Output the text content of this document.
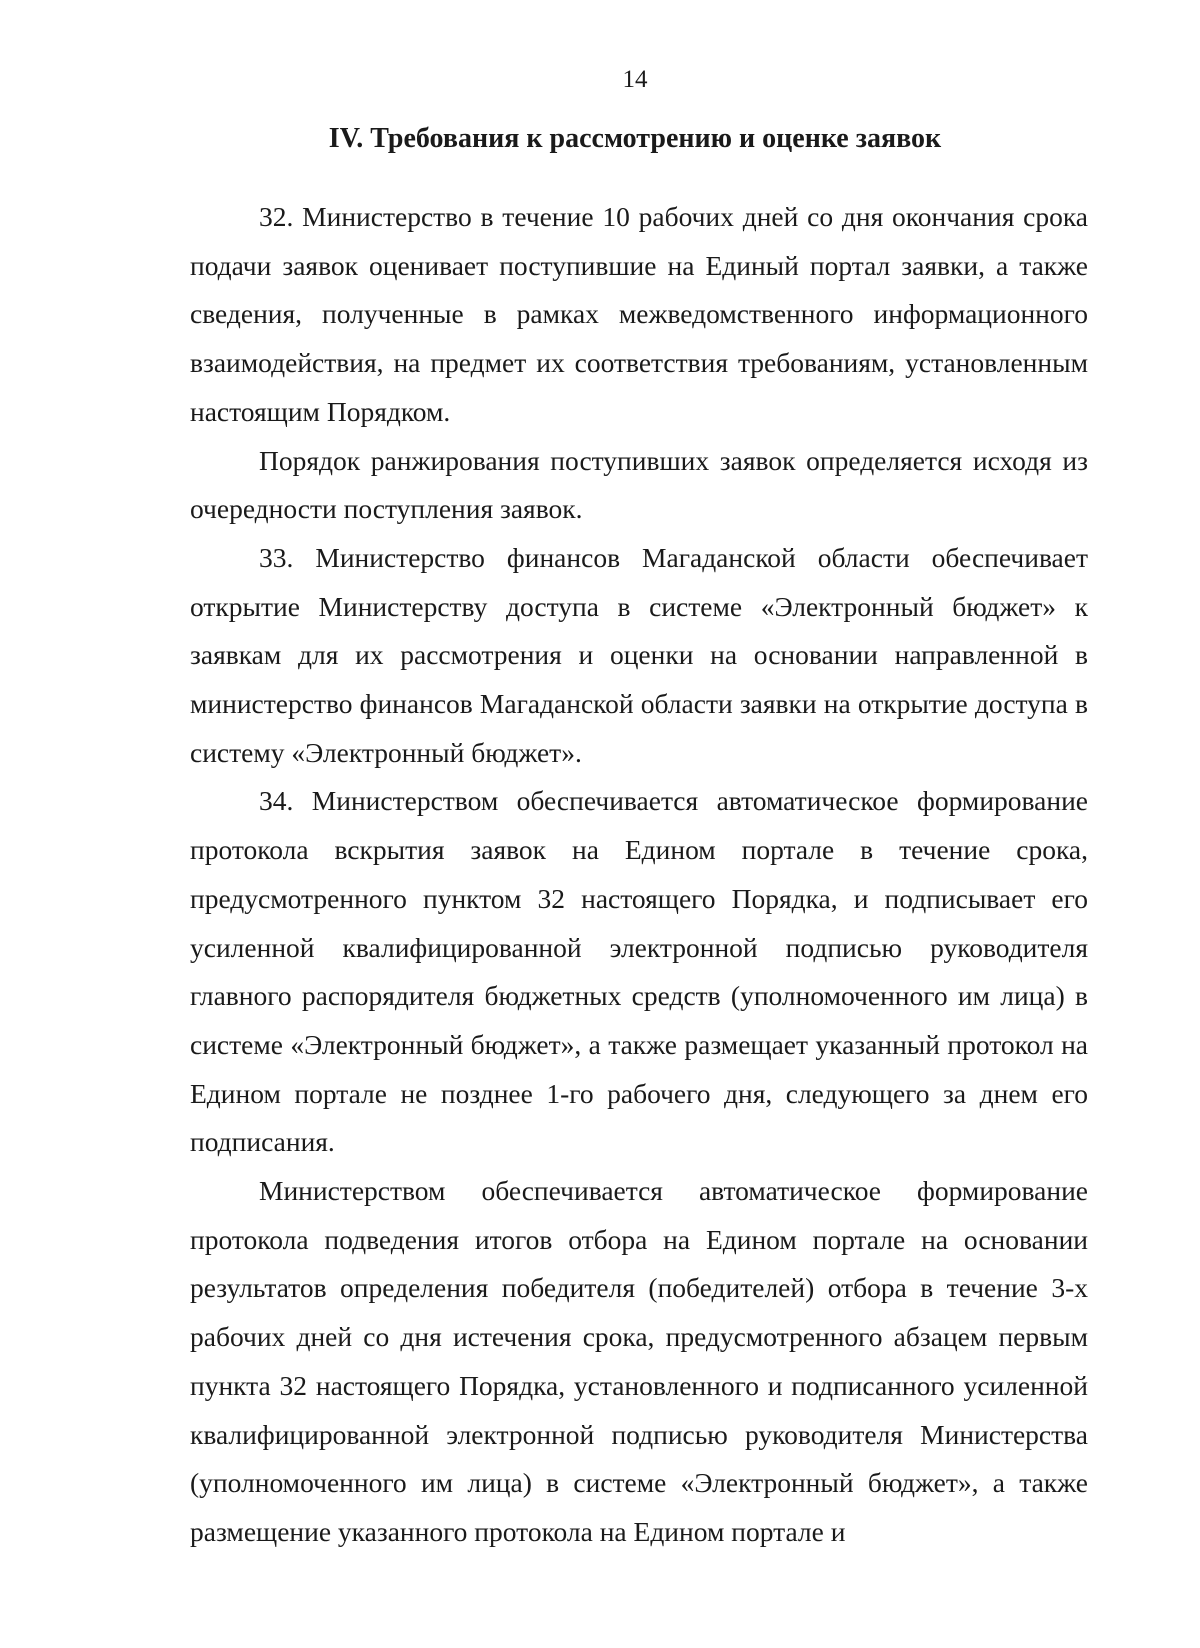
14
IV. Требования к рассмотрению и оценке заявок

32. Министерство в течение 10 рабочих дней со дня окончания срока подачи заявок оценивает поступившие на Единый портал заявки, а также сведения, полученные в рамках межведомственного информационного взаимодействия, на предмет их соответствия требованиям, установленным настоящим Порядком.

Порядок ранжирования поступивших заявок определяется исходя из очередности поступления заявок.

33. Министерство финансов Магаданской области обеспечивает открытие Министерству доступа в системе «Электронный бюджет» к заявкам для их рассмотрения и оценки на основании направленной в министерство финансов Магаданской области заявки на открытие доступа в систему «Электронный бюджет».

34. Министерством обеспечивается автоматическое формирование протокола вскрытия заявок на Едином портале в течение срока, предусмотренного пунктом 32 настоящего Порядка, и подписывает его усиленной квалифицированной электронной подписью руководителя главного распорядителя бюджетных средств (уполномоченного им лица) в системе «Электронный бюджет», а также размещает указанный протокол на Едином портале не позднее 1-го рабочего дня, следующего за днем его подписания.

Министерством обеспечивается автоматическое формирование протокола подведения итогов отбора на Едином портале на основании результатов определения победителя (победителей) отбора в течение 3-х рабочих дней со дня истечения срока, предусмотренного абзацем первым пункта 32 настоящего Порядка, установленного и подписанного усиленной квалифицированной электронной подписью руководителя Министерства (уполномоченного им лица) в системе «Электронный бюджет», а также размещение указанного протокола на Едином портале и
